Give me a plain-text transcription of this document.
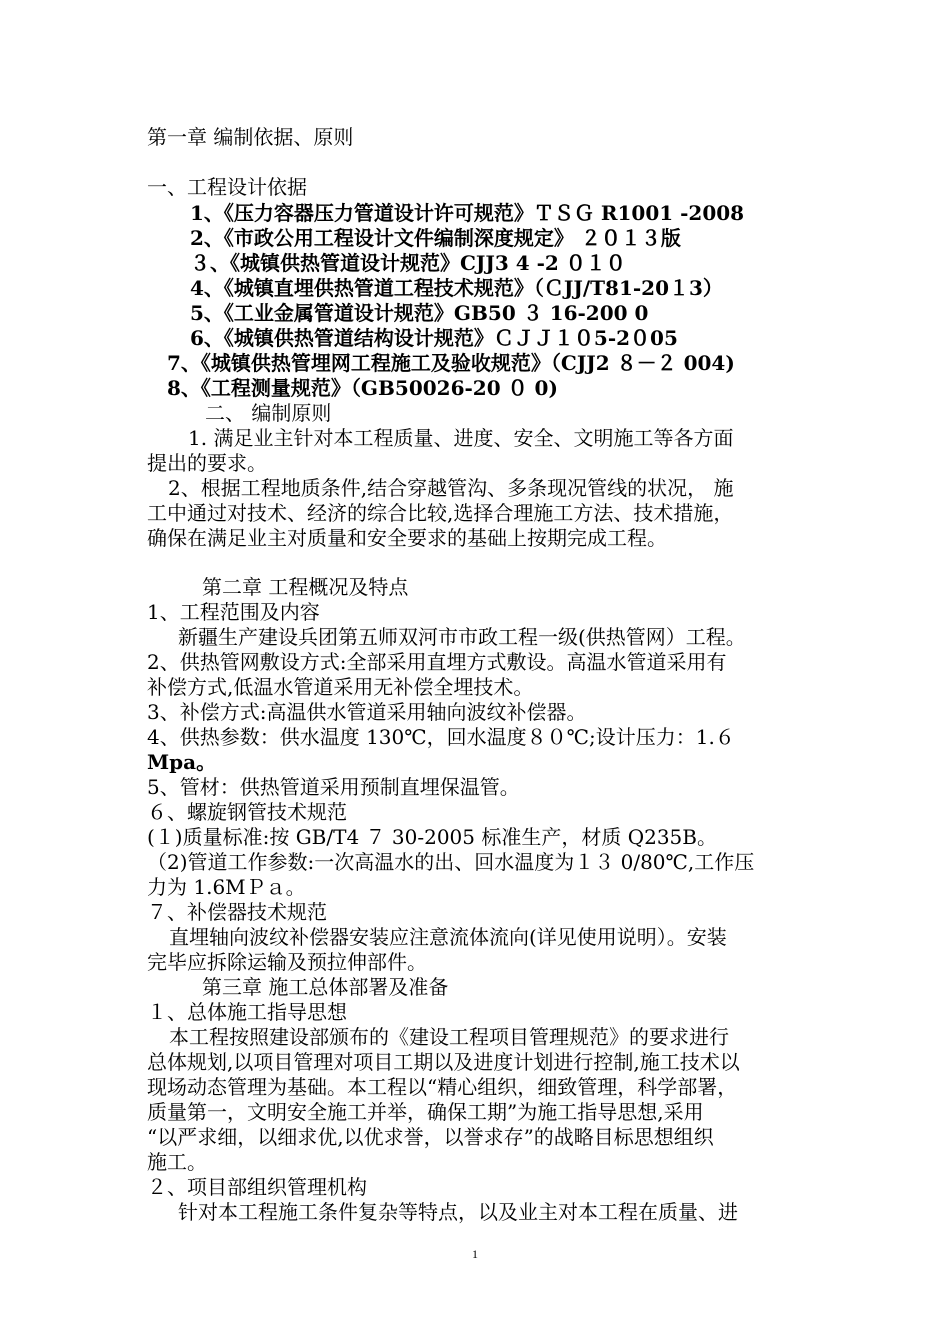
第一章 编制依据、原则

一、工程设计依据

1、《压力容器压力管道设计许可规范》ＴＳＧ R1001 -2008

2、《市政公用工程设计文件编制深度规定》 ２０１３版

３、《城镇供热管道设计规范》CJJ3 4 -2 ０１０

4、《城镇直埋供热管道工程技术规范》（ＣJJ/T81-20１3）

5、《工业金属管道设计规范》GB50 ３ 16-200 0

6、《城镇供热管道结构设计规范》ＣＪＪ１０5-2０05

7、《城镇供热管埋网工程施工及验收规范》（CJJ2 ８－２ 004)

8、《工程测量规范》（GB50026-20 ０ 0)

二、 编制原则

1. 满足业主针对本工程质量、进度、安全、文明施工等各方面

提出的要求。

2、根据工程地质条件,结合穿越管沟、多条现况管线的状况， 施

工中通过对技术、经济的综合比较,选择合理施工方法、技术措施，

确保在满足业主对质量和安全要求的基础上按期完成工程。

第二章 工程概况及特点

1、工程范围及内容

新疆生产建设兵团第五师双河市市政工程一级(供热管网）工程。

2、供热管网敷设方式:全部采用直埋方式敷设。高温水管道采用有

补偿方式,低温水管道采用无补偿全埋技术。

3、补偿方式:高温供水管道采用轴向波纹补偿器。

4、供热参数：供水温度 130℃，回水温度８０℃;设计压力：1.６

Mpa。

5、管材：供热管道采用预制直埋保温管。

６、螺旋钢管技术规范

(１)质量标准:按 GB/T4 ７ 30-2005 标准生产，材质 Q235B。

（2)管道工作参数:一次高温水的出、回水温度为１３ 0/80℃,工作压

力为 1.6MＰａ。

７、补偿器技术规范

直埋轴向波纹补偿器安装应注意流体流向(详见使用说明）。安装

完毕应拆除运输及预拉伸部件。

第三章 施工总体部署及准备

１、总体施工指导思想

本工程按照建设部颁布的《建设工程项目管理规范》的要求进行

总体规划,以项目管理对项目工期以及进度计划进行控制,施工技术以

现场动态管理为基础。本工程以“精心组织，细致管理，科学部署，

质量第一，文明安全施工并举，确保工期”为施工指导思想,采用

“以严求细，以细求优,以优求誉，以誉求存”的战略目标思想组织

施工。

２、项目部组织管理机构

针对本工程施工条件复杂等特点，以及业主对本工程在质量、进

1
